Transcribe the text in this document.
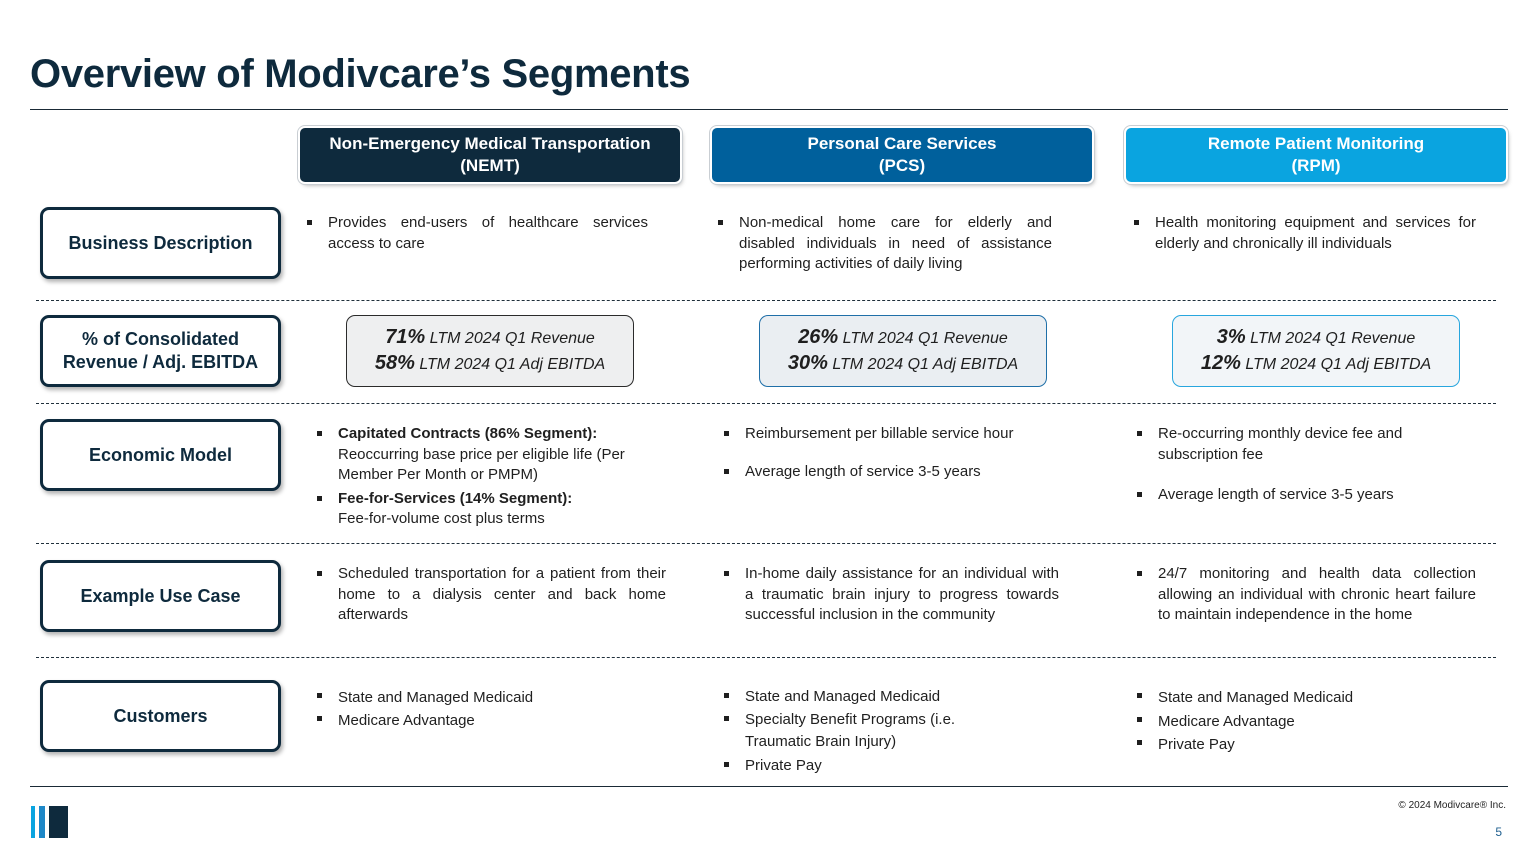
Overview of Modivcare’s Segments
Non-Emergency Medical Transportation
(NEMT)
Personal Care Services
(PCS)
Remote Patient Monitoring
(RPM)
Business Description
Provides end-users of healthcare services access to care
Non-medical home care for elderly and disabled individuals in need of assistance performing activities of daily living
Health monitoring equipment and services for elderly and chronically ill individuals
% of Consolidated
Revenue / Adj. EBITDA
71% LTM 2024 Q1 Revenue
58% LTM 2024 Q1 Adj EBITDA
26% LTM 2024 Q1 Revenue
30% LTM 2024 Q1 Adj EBITDA
3% LTM 2024 Q1 Revenue
12% LTM 2024 Q1 Adj EBITDA
Economic Model
Capitated Contracts (86% Segment):
Reoccurring base price per eligible life (Per Member Per Month or PMPM)
Fee-for-Services (14% Segment):
Fee-for-volume cost plus terms
Reimbursement per billable service hour
Average length of service 3-5 years
Re-occurring monthly device fee and subscription fee
Average length of service 3-5 years
Example Use Case
Scheduled transportation for a patient from their home to a dialysis center and back home afterwards
In-home daily assistance for an individual with a traumatic brain injury to progress towards successful inclusion in the community
24/7 monitoring and health data collection allowing an individual with chronic heart failure to maintain independence in the home
Customers
State and Managed Medicaid
Medicare Advantage
State and Managed Medicaid
Specialty Benefit Programs (i.e. Traumatic Brain Injury)
Private Pay
State and Managed Medicaid
Medicare Advantage
Private Pay
© 2024 Modivcare® Inc.
5
